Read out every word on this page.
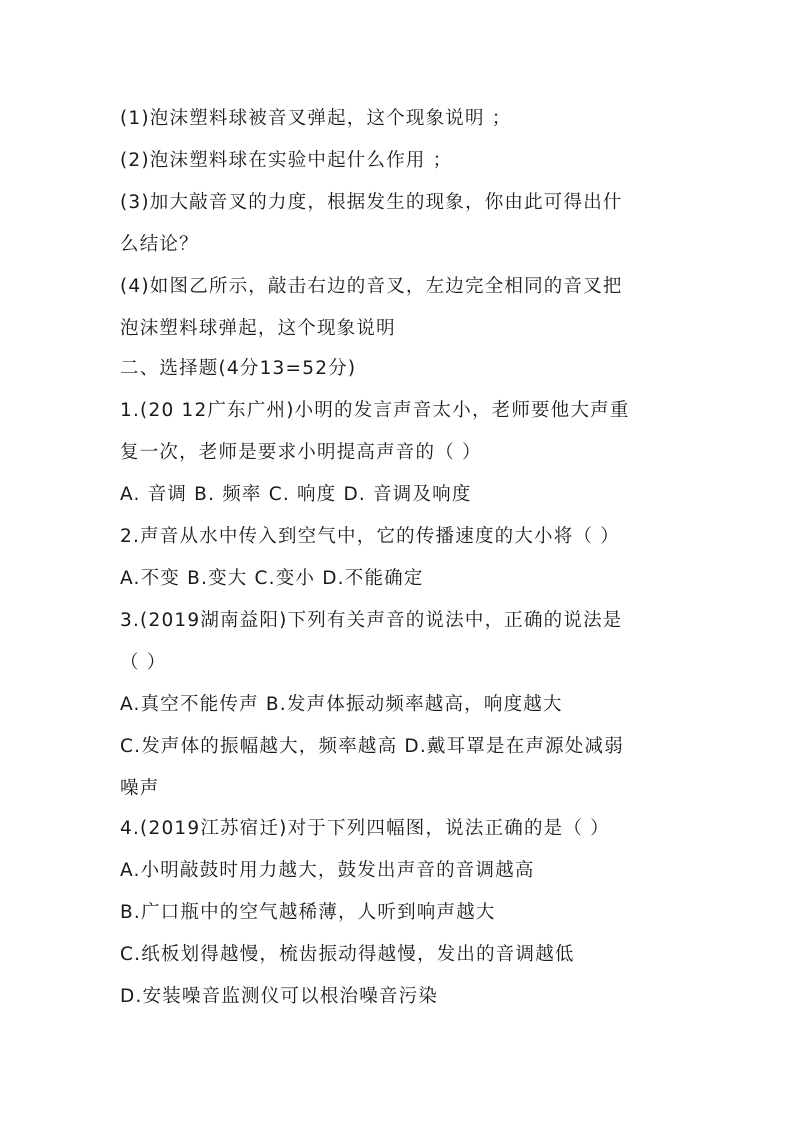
(1)泡沫塑料球被音叉弹起，这个现象说明 ；
(2)泡沫塑料球在实验中起什么作用 ；
(3)加大敲音叉的力度，根据发生的现象，你由此可得出什
么结论？
(4)如图乙所示，敲击右边的音叉，左边完全相同的音叉把
泡沫塑料球弹起，这个现象说明
二、选择题(4分13=52分)
1.(20 12广东广州)小明的发言声音太小，老师要他大声重
复一次，老师是要求小明提高声音的（ ）
A. 音调 B. 频率 C. 响度 D. 音调及响度
2.声音从水中传入到空气中，它的传播速度的大小将（ ）
A.不变 B.变大 C.变小 D.不能确定
3.(2019湖南益阳)下列有关声音的说法中，正确的说法是
（ ）
A.真空不能传声 B.发声体振动频率越高，响度越大
C.发声体的振幅越大，频率越高 D.戴耳罩是在声源处减弱
噪声
4.(2019江苏宿迁)对于下列四幅图，说法正确的是（ ）
A.小明敲鼓时用力越大，鼓发出声音的音调越高
B.广口瓶中的空气越稀薄，人听到响声越大
C.纸板划得越慢，梳齿振动得越慢，发出的音调越低
D.安装噪音监测仪可以根治噪音污染
